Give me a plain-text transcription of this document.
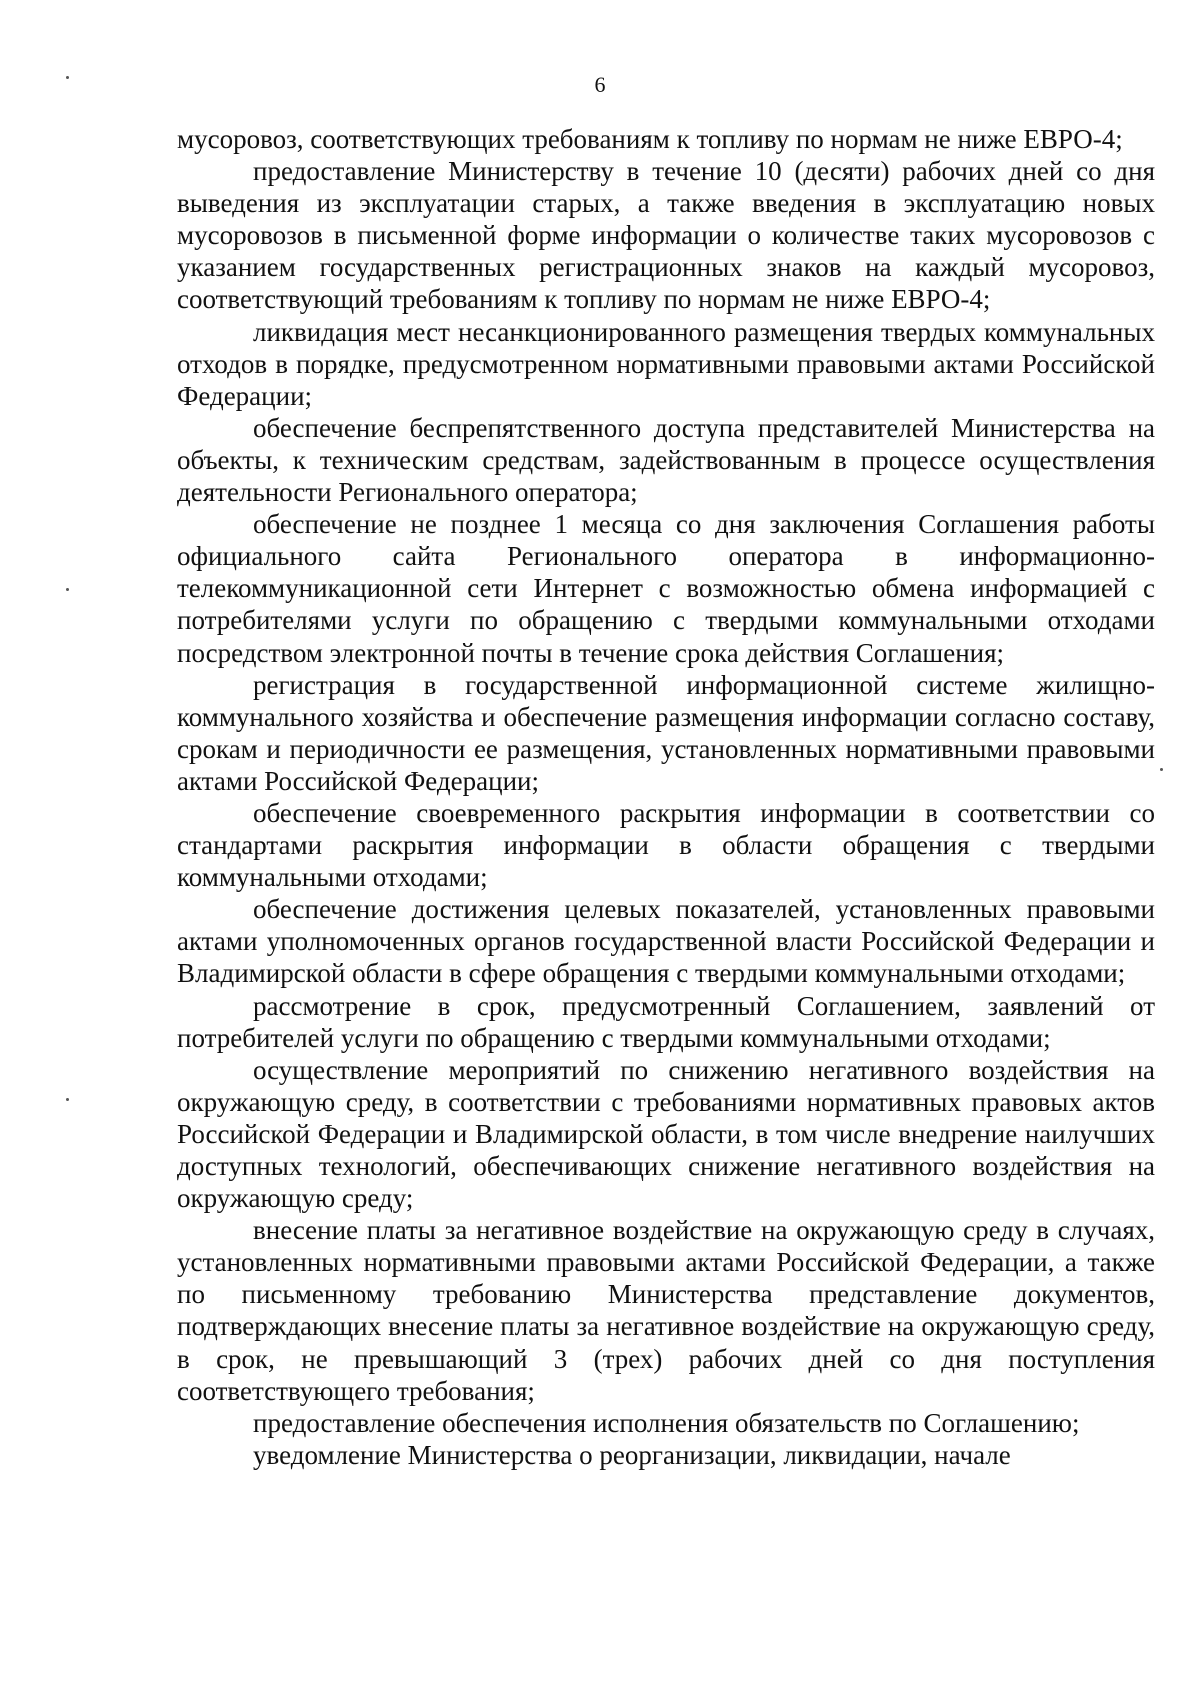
6

мусоровоз, соответствующих требованиям к топливу по нормам не ниже ЕВРО-4;

предоставление Министерству в течение 10 (десяти) рабочих дней со дня выведения из эксплуатации старых, а также введения в эксплуатацию новых мусоровозов в письменной форме информации о количестве таких мусоровозов с указанием государственных регистрационных знаков на каждый мусоровоз, соответствующий требованиям к топливу по нормам не ниже ЕВРО-4;

ликвидация мест несанкционированного размещения твердых коммунальных отходов в порядке, предусмотренном нормативными правовыми актами Российской Федерации;

обеспечение беспрепятственного доступа представителей Министерства на объекты, к техническим средствам, задействованным в процессе осуществления деятельности Регионального оператора;

обеспечение не позднее 1 месяца со дня заключения Соглашения работы официального сайта Регионального оператора в информационно-телекоммуникационной сети Интернет с возможностью обмена информацией с потребителями услуги по обращению с твердыми коммунальными отходами посредством электронной почты в течение срока действия Соглашения;

регистрация в государственной информационной системе жилищно-коммунального хозяйства и обеспечение размещения информации согласно составу, срокам и периодичности ее размещения, установленных нормативными правовыми актами Российской Федерации;

обеспечение своевременного раскрытия информации в соответствии со стандартами раскрытия информации в области обращения с твердыми коммунальными отходами;

обеспечение достижения целевых показателей, установленных правовыми актами уполномоченных органов государственной власти Российской Федерации и Владимирской области в сфере обращения с твердыми коммунальными отходами;

рассмотрение в срок, предусмотренный Соглашением, заявлений от потребителей услуги по обращению с твердыми коммунальными отходами;

осуществление мероприятий по снижению негативного воздействия на окружающую среду, в соответствии с требованиями нормативных правовых актов Российской Федерации и Владимирской области, в том числе внедрение наилучших доступных технологий, обеспечивающих снижение негативного воздействия на окружающую среду;

внесение платы за негативное воздействие на окружающую среду в случаях, установленных нормативными правовыми актами Российской Федерации, а также по письменному требованию Министерства представление документов, подтверждающих внесение платы за негативное воздействие на окружающую среду, в срок, не превышающий 3 (трех) рабочих дней со дня поступления соответствующего требования;

предоставление обеспечения исполнения обязательств по Соглашению;

уведомление Министерства о реорганизации, ликвидации, начале
